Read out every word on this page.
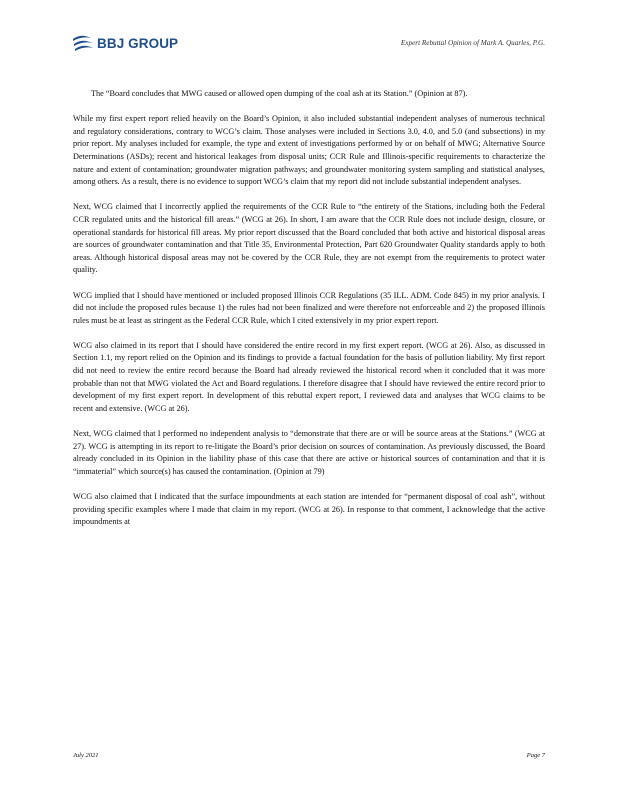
BBJ GROUP	Expert Rebuttal Opinion of Mark A. Quarles, P.G.
The “Board concludes that MWG caused or allowed open dumping of the coal ash at its Station.” (Opinion at 87).

While my first expert report relied heavily on the Board’s Opinion, it also included substantial independent analyses of numerous technical and regulatory considerations, contrary to WCG’s claim. Those analyses were included in Sections 3.0, 4.0, and 5.0 (and subsections) in my prior report. My analyses included for example, the type and extent of investigations performed by or on behalf of MWG; Alternative Source Determinations (ASDs); recent and historical leakages from disposal units; CCR Rule and Illinois-specific requirements to characterize the nature and extent of contamination; groundwater migration pathways; and groundwater monitoring system sampling and statistical analyses, among others. As a result, there is no evidence to support WCG’s claim that my report did not include substantial independent analyses.

Next, WCG claimed that I incorrectly applied the requirements of the CCR Rule to “the entirety of the Stations, including both the Federal CCR regulated units and the historical fill areas.” (WCG at 26). In short, I am aware that the CCR Rule does not include design, closure, or operational standards for historical fill areas. My prior report discussed that the Board concluded that both active and historical disposal areas are sources of groundwater contamination and that Title 35, Environmental Protection, Part 620 Groundwater Quality standards apply to both areas. Although historical disposal areas may not be covered by the CCR Rule, they are not exempt from the requirements to protect water quality.

WCG implied that I should have mentioned or included proposed Illinois CCR Regulations (35 ILL. ADM. Code 845) in my prior analysis. I did not include the proposed rules because 1) the rules had not been finalized and were therefore not enforceable and 2) the proposed Illinois rules must be at least as stringent as the Federal CCR Rule, which I cited extensively in my prior expert report.

WCG also claimed in its report that I should have considered the entire record in my first expert report. (WCG at 26). Also, as discussed in Section 1.1, my report relied on the Opinion and its findings to provide a factual foundation for the basis of pollution liability. My first report did not need to review the entire record because the Board had already reviewed the historical record when it concluded that it was more probable than not that MWG violated the Act and Board regulations. I therefore disagree that I should have reviewed the entire record prior to development of my first expert report. In development of this rebuttal expert report, I reviewed data and analyses that WCG claims to be recent and extensive. (WCG at 26).

Next, WCG claimed that I performed no independent analysis to “demonstrate that there are or will be source areas at the Stations.” (WCG at 27). WCG is attempting in its report to re-litigate the Board’s prior decision on sources of contamination. As previously discussed, the Board already concluded in its Opinion in the liability phase of this case that there are active or historical sources of contamination and that it is “immaterial” which source(s) has caused the contamination. (Opinion at 79)

WCG also claimed that I indicated that the surface impoundments at each station are intended for “permanent disposal of coal ash”, without providing specific examples where I made that claim in my report. (WCG at 26). In response to that comment, I acknowledge that the active impoundments at

July 2021	Page 7
